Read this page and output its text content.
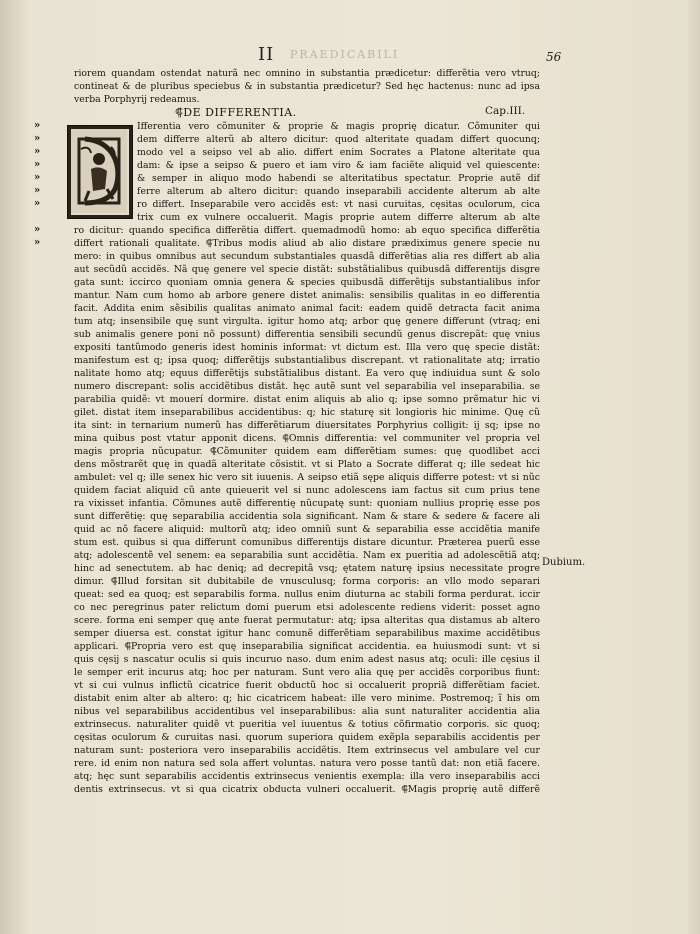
PRAEDICABILI
II	56
riorem quandam ostendat naturã nec omnino in substantia prædicetur: differẽtia vero vtruq;
contineat & de pluribus speciebus & in substantia prædicetur? Sed hęc hactenus: nunc ad ipsa
verba Porphyrij redeamus.
⸿DE DIFFERENTIA.	Cap.III.
»
»
»
»
»
»
»
»
»
Dubium.
Ifferentia vero cõmuniter & proprie & magis proprię dicatur. Cõmuniter qui
dem differre alterũ ab altero dicitur: quod alteritate quadam differt quocunq;
modo vel a seipso vel ab alio. differt enim Socrates a Platone alteritate qua
dam: & ipse a seipso & puero et iam viro & iam faciẽte aliquid vel quiescente:
& semper in aliquo modo habendi se alteritatibus spectatur. Proprie autẽ dif
ferre alterum ab altero dicitur: quando inseparabili accidente alterum ab alte
ro differt. Inseparabile vero accidẽs est: vt nasi curuitas, cęsitas oculorum, cica
trix cum ex vulnere occaluerit. Magis proprie autem differre alterum ab alte
ro dicitur: quando specifica differẽtia differt. quemadmodũ homo: ab equo specifica differẽtia
differt rationali qualitate. ⸿Tribus modis aliud ab alio distare prædiximus genere specie nu
mero: in quibus omnibus aut secundum substantiales quasdã differẽtias alia res differt ab alia
aut secũdũ accidẽs. Nã quę genere vel specie distãt: substãtialibus quibusdã differentijs disgre
gata sunt: iccirco quoniam omnia genera & species quibusdã differẽtijs substantialibus infor
mantur. Nam cum homo ab arbore genere distet animalis: sensibilis qualitas in eo differentia
facit. Addita enim sẽsibilis qualitas animato animal facit: eadem quidẽ detracta facit anima
tum atq; insensibile quę sunt virgulta. igitur homo atq; arbor quę genere differunt (vtraq; eni
sub animalis genere poni nõ possunt) differentia sensibili secundũ genus discrepãt: quę vnius
expositi tantũmodo generis idest hominis informat: vt dictum est. Illa vero quę specie distãt:
manifestum est q; ipsa quoq; differẽtijs substantialibus discrepant. vt rationalitate atq; irratio
nalitate homo atq; equus differẽtijs substãtialibus distant. Ea vero quę indiuidua sunt & solo
numero discrepant: solis accidẽtibus distãt. hęc autẽ sunt vel separabilia vel inseparabilia. se
parabilia quidẽ: vt mouerí dormire. distat enim aliquis ab alio q; ipse somno prẽmatur hic vi
gilet. distat item inseparabilibus accidentibus: q; hic staturę sit longioris hic minime. Quę cũ
ita sint: in ternarium numerũ has differẽtiarum diuersitates Porphyrius colligit: ij sq; ipse no
mina quibus post vtatur apponit dicens. ⸿Omnis differentia: vel communiter vel propria vel
magis propria nũcupatur. ⸿Cõmuniter quidem eam differẽtiam sumes: quę quodlibet acci
dens mõstrarẽt quę in quadã alteritate cõsistit. vt si Plato a Socrate differat q; ille sedeat hic
ambulet: vel q; ille senex hic vero sit iuuenis. A seipso etiã sępe aliquis differre potest: vt si nũc
quidem faciat aliquid cũ ante quieuerit vel si nunc adolescens iam factus sit cum prius tene
ra vixisset infantia. Cõmunes autẽ differentię nũcupatę sunt: quoniam nullius proprię esse pos
sunt differẽtię: quę separabilia accidentia sola significant. Nam & stare & sedere & facere ali
quid ac nõ facere aliquid: multorũ atq; ideo omniũ sunt & separabilia esse accidẽtia manife
stum est. quibus si qua differunt comunibus differentijs distare dicuntur. Præterea puerũ esse
atq; adolescentẽ vel senem: ea separabilia sunt accidẽtia. Nam ex pueritia ad adolescẽtiã atq;
hinc ad senectutem. ab hac deniq; ad decrepitã vsq; ętatem naturę ipsius necessitate progre
dimur. ⸿Illud forsitan sit dubitabile de vnusculusq; forma corporis: an vllo modo separari
queat: sed ea quoq; est separabilis forma. nullus enim diuturna ac stabili forma perdurat. iccir
co nec peregrinus pater relictum domi puerum etsi adolescente rediens viderit: posset agno
scere. forma eni semper quę ante fuerat permutatur: atq; ipsa alteritas qua distamus ab altero
semper diuersa est. constat igitur hanc comunẽ differẽtiam separabilibus maxime accidẽtibus
applicari. ⸿Propria vero est quę inseparabilia significat accidentia. ea huiusmodi sunt: vt si
quis cęsij s nascatur oculis si quis incuruo naso. dum enim adest nasus atq; oculi: ille cęsius il
le semper erit incurus atq; hoc per naturam. Sunt vero alia quę per accidẽs corporibus fiunt:
vt si cui vulnus inflictũ cicatrice fuerit obductũ hoc si occaluerit propriã differẽtiam faciet.
distabit enim alter ab altero: q; hic cicatricem habeat: ille vero minime. Postremoq; ĩ his om
nibus vel separabilibus accidentibus vel inseparabilibus: alia sunt naturaliter accidentia alia
extrinsecus. naturaliter quidẽ vt pueritia vel iuuentus & totius cõfirmatio corporis. sic quoq;
cęsitas oculorum & curuitas nasi. quorum superiora quidem exẽpla separabilis accidentis per
naturam sunt: posteriora vero inseparabilis accidẽtis. Item extrinsecus vel ambulare vel cur
rere. id enim non natura sed sola affert voluntas. natura vero posse tantũ dat: non etiã facere.
atq; hęc sunt separabilis accidentis extrinsecus venientis exempla: illa vero inseparabilis acci
dentis extrinsecus. vt si qua cicatrix obducta vulneri occaluerit. ⸿Magis proprię autẽ differẽ
